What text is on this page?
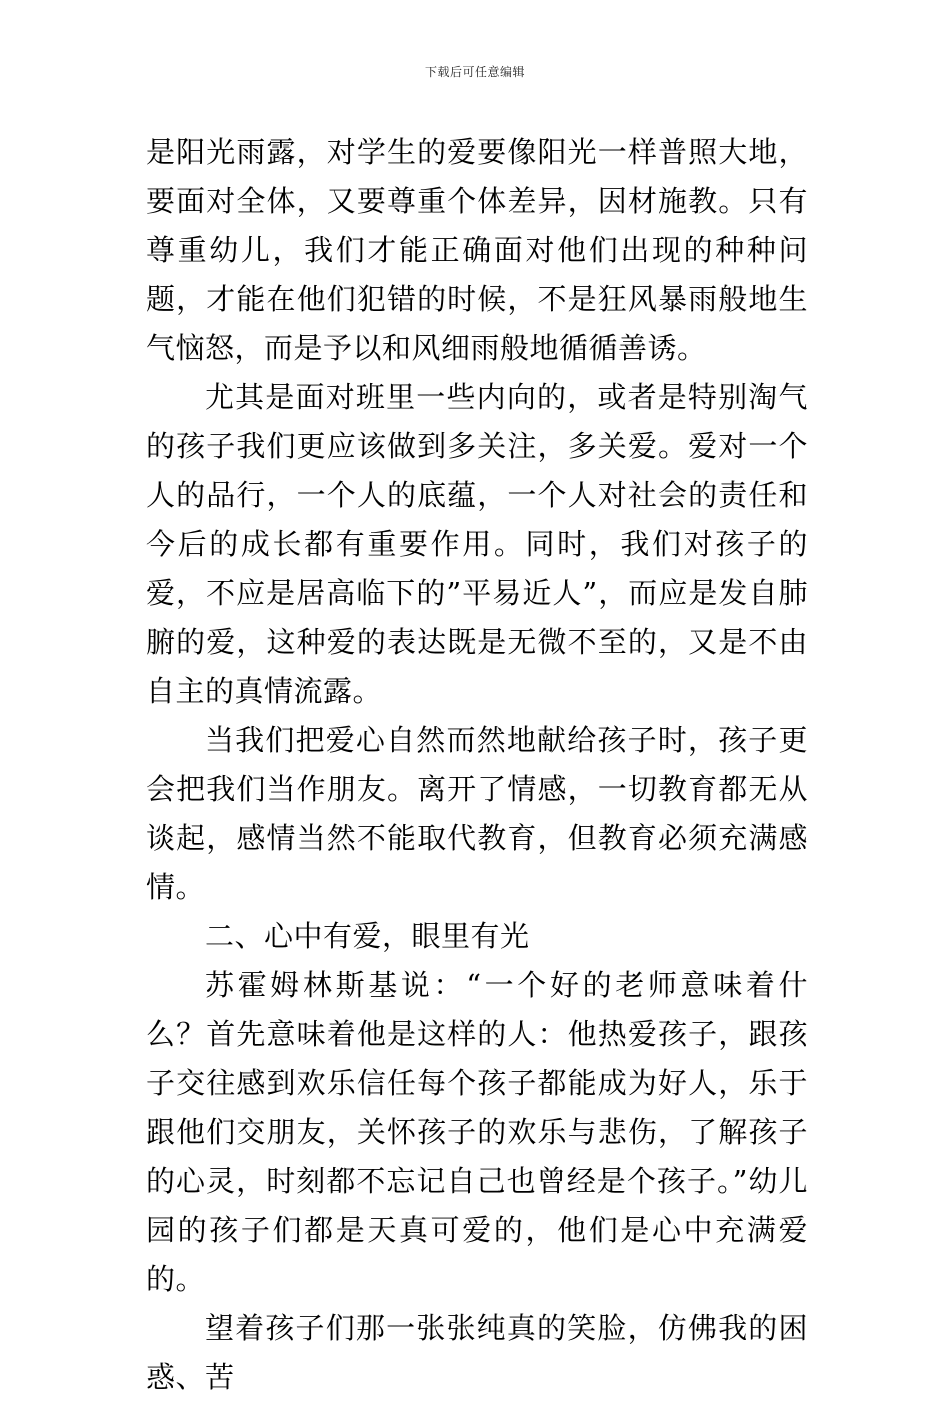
下载后可任意编辑

是阳光雨露，对学生的爱要像阳光一样普照大地，要面对全体，又要尊重个体差异，因材施教。只有尊重幼儿，我们才能正确面对他们出现的种种问题，才能在他们犯错的时候，不是狂风暴雨般地生气恼怒，而是予以和风细雨般地循循善诱。

尤其是面对班里一些内向的，或者是特别淘气的孩子我们更应该做到多关注，多关爱。爱对一个人的品行，一个人的底蕴，一个人对社会的责任和今后的成长都有重要作用。同时，我们对孩子的爱，不应是居高临下的”平易近人”，而应是发自肺腑的爱，这种爱的表达既是无微不至的，又是不由自主的真情流露。

当我们把爱心自然而然地献给孩子时，孩子更会把我们当作朋友。离开了情感，一切教育都无从谈起，感情当然不能取代教育，但教育必须充满感情。

二、心中有爱，眼里有光

苏霍姆林斯基说：“一个好的老师意味着什么？首先意味着他是这样的人：他热爱孩子，跟孩子交往感到欢乐信任每个孩子都能成为好人，乐于跟他们交朋友，关怀孩子的欢乐与悲伤，了解孩子的心灵，时刻都不忘记自己也曾经是个孩子。”幼儿园的孩子们都是天真可爱的，他们是心中充满爱的。

望着孩子们那一张张纯真的笑脸，仿佛我的困惑、苦
